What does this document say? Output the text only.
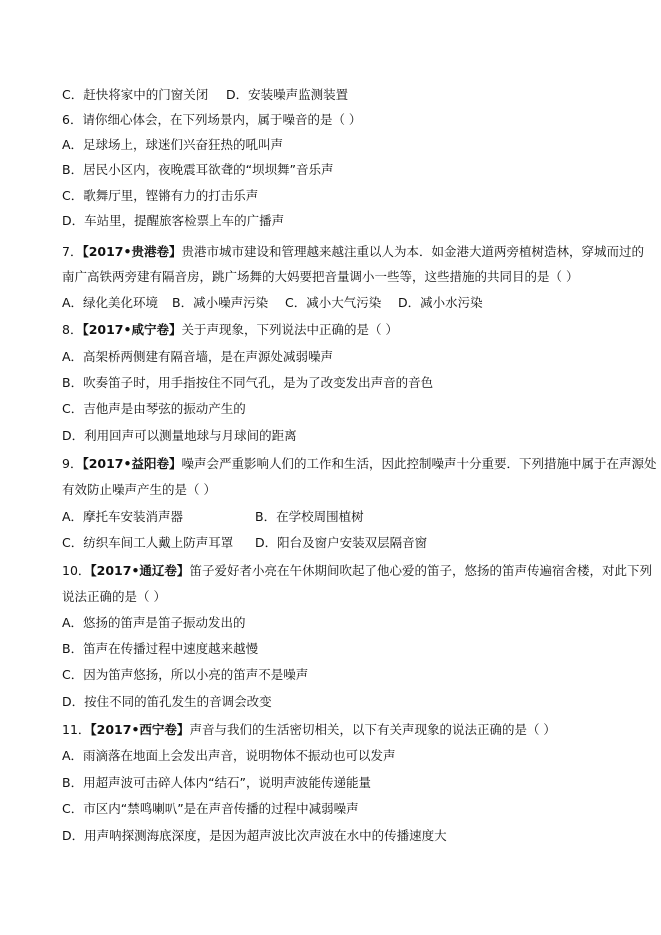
C．赶快将家中的门窗关闭 D．安装噪声监测装置
6．请你细心体会，在下列场景内，属于噪音的是（ ）
A．足球场上，球迷们兴奋狂热的吼叫声
B．居民小区内，夜晚震耳欲聋的“坝坝舞”音乐声
C．歌舞厅里，铿锵有力的打击乐声
D．车站里，提醒旅客检票上车的广播声
7．【2017•贵港卷】贵港市城市建设和管理越来越注重以人为本．如金港大道两旁植树造林，穿城而过的
南广高铁两旁建有隔音房，跳广场舞的大妈要把音量调小一些等，这些措施的共同目的是（ ）
A．绿化美化环境 B．减小噪声污染 C．减小大气污染 D．减小水污染
8．【2017•咸宁卷】关于声现象，下列说法中正确的是（ ）
A．高架桥两侧建有隔音墙，是在声源处减弱噪声
B．吹奏笛子时，用手指按住不同气孔，是为了改变发出声音的音色
C．吉他声是由琴弦的振动产生的
D．利用回声可以测量地球与月球间的距离
9．【2017•益阳卷】噪声会严重影响人们的工作和生活，因此控制噪声十分重要．下列措施中属于在声源处
有效防止噪声产生的是（ ）
A．摩托车安装消声器	B．在学校周围植树
C．纺织车间工人戴上防声耳罩 D．阳台及窗户安装双层隔音窗
10．【2017•通辽卷】笛子爱好者小亮在午休期间吹起了他心爱的笛子，悠扬的笛声传遍宿舍楼，对此下列
说法正确的是（ ）
A．悠扬的笛声是笛子振动发出的
B．笛声在传播过程中速度越来越慢
C．因为笛声悠扬，所以小亮的笛声不是噪声
D．按住不同的笛孔发生的音调会改变
11．【2017•西宁卷】声音与我们的生活密切相关，以下有关声现象的说法正确的是（ ）
A．雨滴落在地面上会发出声音，说明物体不振动也可以发声
B．用超声波可击碎人体内“结石”，说明声波能传递能量
C．市区内“禁鸣喇叭”是在声音传播的过程中减弱噪声
D．用声呐探测海底深度，是因为超声波比次声波在水中的传播速度大
